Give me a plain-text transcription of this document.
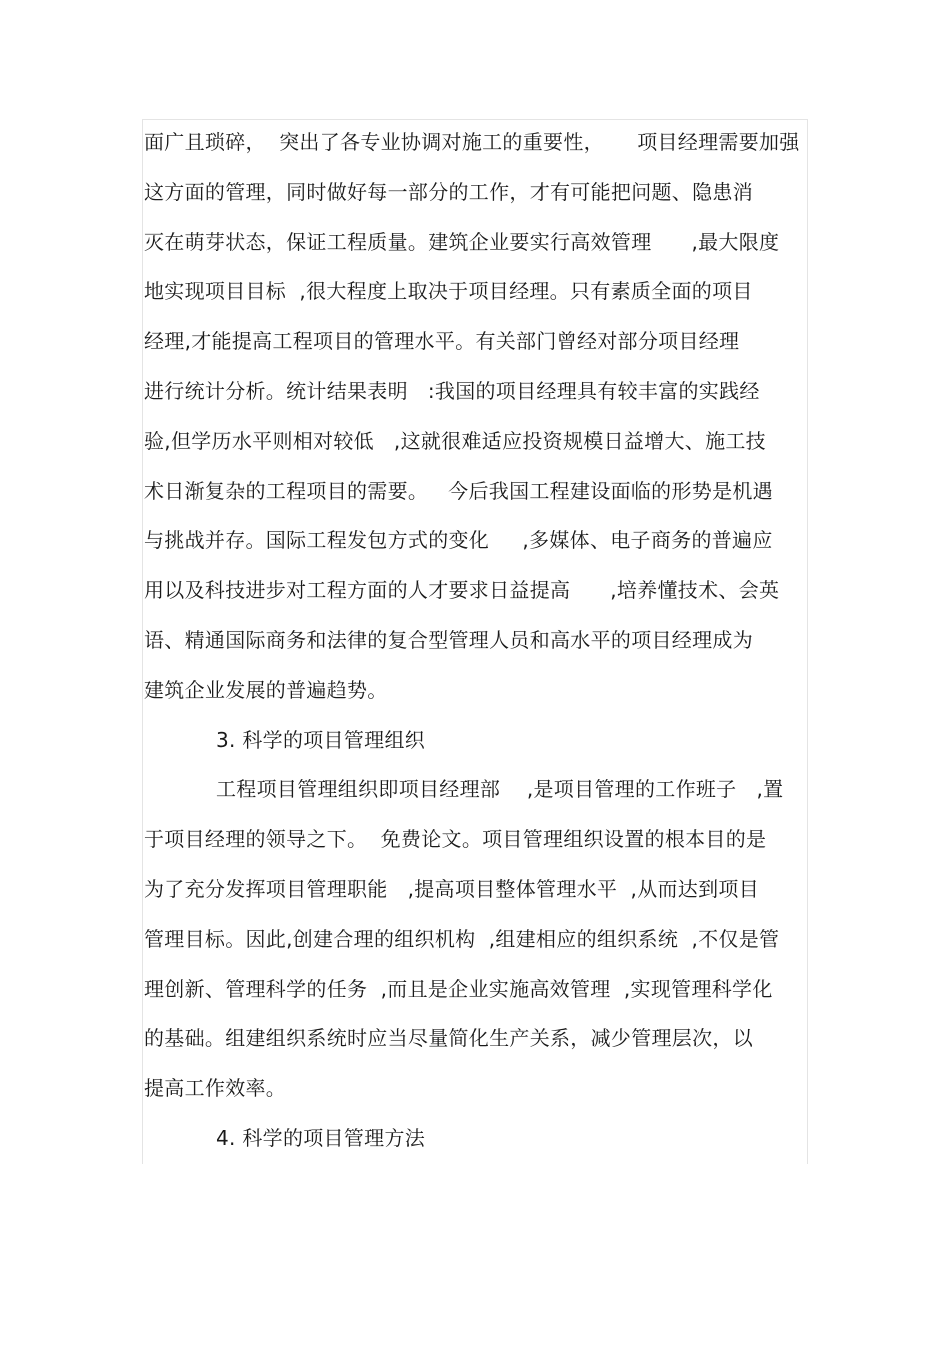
面广且琐碎，  突出了各专业协调对施工的重要性，     项目经理需要加强
这方面的管理，同时做好每一部分的工作，才有可能把问题、隐患消
灭在萌芽状态，保证工程质量。建筑企业要实行高效管理      ,最大限度
地实现项目目标  ,很大程度上取决于项目经理。只有素质全面的项目
经理,才能提高工程项目的管理水平。有关部门曾经对部分项目经理
进行统计分析。统计结果表明   :我国的项目经理具有较丰富的实践经
验,但学历水平则相对较低   ,这就很难适应投资规模日益增大、施工技
术日渐复杂的工程项目的需要。   今后我国工程建设面临的形势是机遇
与挑战并存。国际工程发包方式的变化     ,多媒体、电子商务的普遍应
用以及科技进步对工程方面的人才要求日益提高      ,培养懂技术、会英
语、精通国际商务和法律的复合型管理人员和高水平的项目经理成为
建筑企业发展的普遍趋势。
3. 科学的项目管理组织
工程项目管理组织即项目经理部    ,是项目管理的工作班子   ,置
于项目经理的领导之下。  免费论文。项目管理组织设置的根本目的是
为了充分发挥项目管理职能   ,提高项目整体管理水平  ,从而达到项目
管理目标。因此,创建合理的组织机构  ,组建相应的组织系统  ,不仅是管
理创新、管理科学的任务  ,而且是企业实施高效管理  ,实现管理科学化
的基础。组建组织系统时应当尽量简化生产关系，减少管理层次，以
提高工作效率。
4. 科学的项目管理方法
